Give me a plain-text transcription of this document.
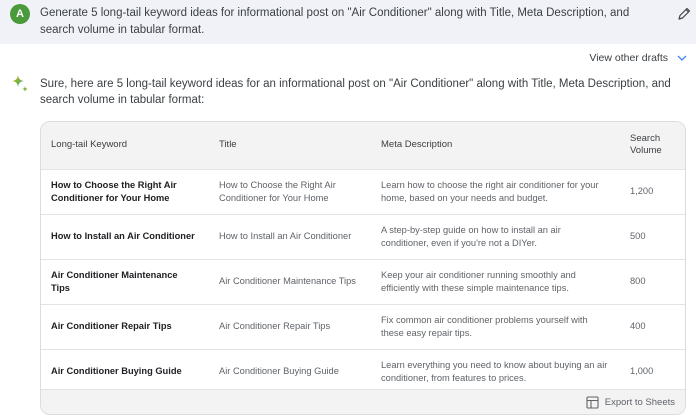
A	Generate 5 long-tail keyword ideas for informational post on "Air Conditioner" along with Title, Meta Description, and search volume in tabular format.
View other drafts
Sure, here are 5 long-tail keyword ideas for an informational post on "Air Conditioner" along with Title, Meta Description, and search volume in tabular format:
Long-tail Keyword	Title	Meta Description	Search Volume
How to Choose the Right Air Conditioner for Your Home	How to Choose the Right Air Conditioner for Your Home	Learn how to choose the right air conditioner for your home, based on your needs and budget.	1,200
How to Install an Air Conditioner	How to Install an Air Conditioner	A step-by-step guide on how to install an air conditioner, even if you're not a DIYer.	500
Air Conditioner Maintenance Tips	Air Conditioner Maintenance Tips	Keep your air conditioner running smoothly and efficiently with these simple maintenance tips.	800
Air Conditioner Repair Tips	Air Conditioner Repair Tips	Fix common air conditioner problems yourself with these easy repair tips.	400
Air Conditioner Buying Guide	Air Conditioner Buying Guide	Learn everything you need to know about buying an air conditioner, from features to prices.	1,000
Export to Sheets
